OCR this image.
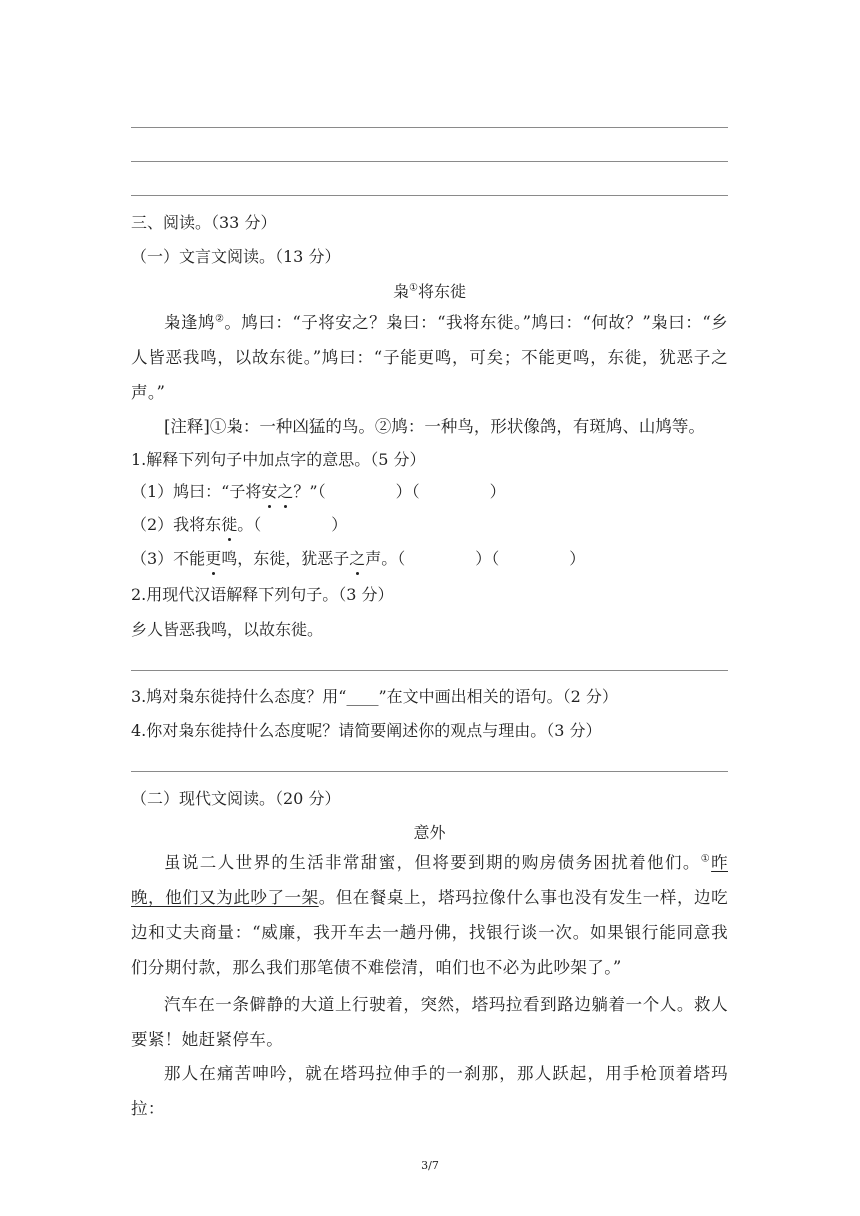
三、阅读。（33 分）
（一）文言文阅读。（13 分）
枭①将东徙
枭逢鸠②。鸠曰：“子将安之？枭曰：“我将东徙。”鸠曰：“何故？”枭曰：“乡人皆恶我鸣，以故东徙。”鸠曰：“子能更鸣，可矣；不能更鸣，东徙，犹恶子之声。”
[注释]①枭：一种凶猛的鸟。②鸠：一种鸟，形状像鸽，有斑鸠、山鸠等。
1.解释下列句子中加点字的意思。（5 分）
（1）鸠曰：“子将安之？”（	）（	）
（2）我将东徙。（	）
（3）不能更鸣，东徙，犹恶子之声。（	）（	）
2.用现代汉语解释下列句子。（3 分）
乡人皆恶我鸣，以故东徙。
3.鸠对枭东徙持什么态度？用“____”在文中画出相关的语句。（2 分）
4.你对枭东徙持什么态度呢？请简要阐述你的观点与理由。（3 分）
（二）现代文阅读。（20 分）
意外
虽说二人世界的生活非常甜蜜，但将要到期的购房债务困扰着他们。①昨晚，他们又为此吵了一架。但在餐桌上，塔玛拉像什么事也没有发生一样，边吃边和丈夫商量：“威廉，我开车去一趟丹佛，找银行谈一次。如果银行能同意我们分期付款，那么我们那笔债不难偿清，咱们也不必为此吵架了。”
汽车在一条僻静的大道上行驶着，突然，塔玛拉看到路边躺着一个人。救人要紧！她赶紧停车。
那人在痛苦呻吟，就在塔玛拉伸手的一刹那，那人跃起，用手枪顶着塔玛拉：
3/7
